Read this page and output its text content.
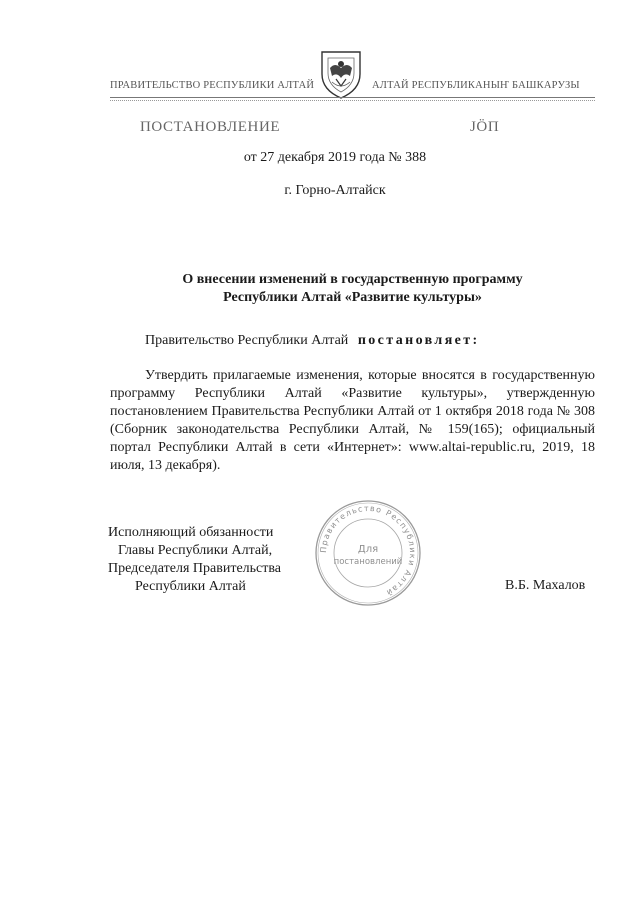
ПРАВИТЕЛЬСТВО РЕСПУБЛИКИ АЛТАЙ	АЛТАЙ РЕСПУБЛИКАНЫҤ БАШКАРУЗЫ
ПОСТАНОВЛЕНИЕ	ЈӦП
от 27 декабря 2019 года № 388
г. Горно-Алтайск
О внесении изменений в государственную программу
Республики Алтай «Развитие культуры»
Правительство Республики Алтай постановляет:
Утвердить прилагаемые изменения, которые вносятся в государственную программу Республики Алтай «Развитие культуры», утвержденную постановлением Правительства Республики Алтай от 1 октября 2018 года № 308 (Сборник законодательства Республики Алтай, № 159(165); официальный портал Республики Алтай в сети «Интернет»: www.altai-republic.ru, 2019, 18 июля, 13 декабря).
Исполняющий обязанности
Главы Республики Алтай,
Председателя Правительства
Республики Алтай
Правительство Республики Алтай
Для
постановлений
В.Б. Махалов
